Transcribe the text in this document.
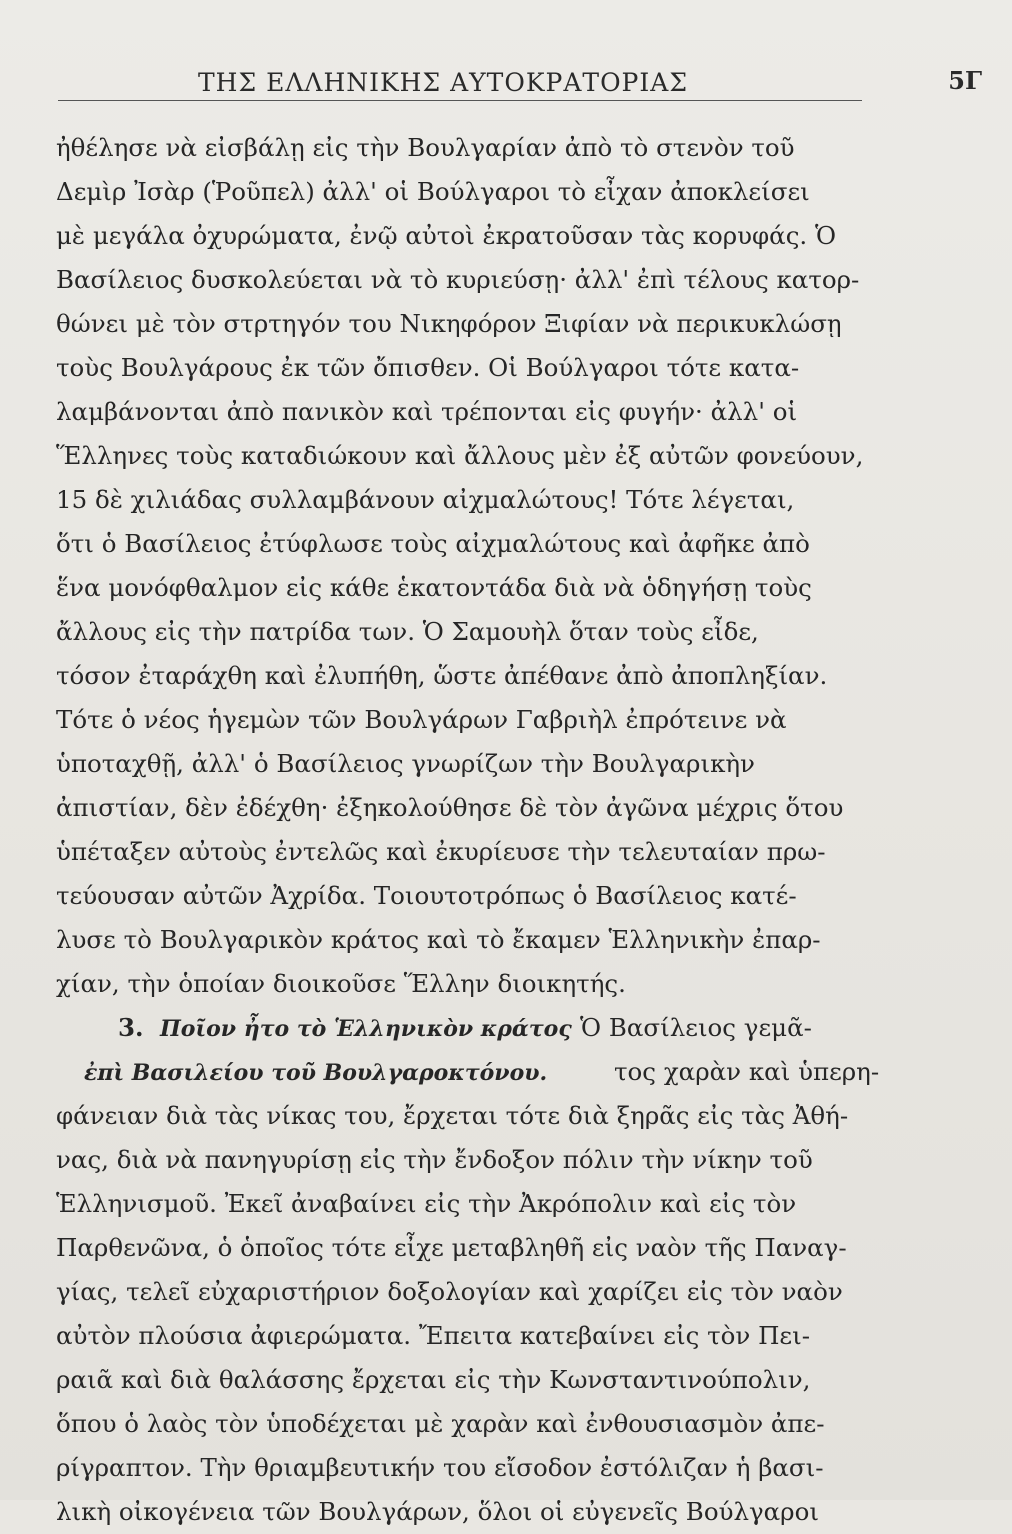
ΤΗΣ ΕΛΛΗΝΙΚΗΣ ΑΥΤΟΚΡΑΤΟΡΙΑΣ	5Γ
ἠθέλησε νὰ εἰσβάλῃ εἰς τὴν Βουλγαρίαν ἀπὸ τὸ στενὸν τοῦ
Δεμὶρ Ἰσὰρ (Ῥοῦπελ) ἀλλ' οἱ Βούλγαροι τὸ εἶχαν ἀποκλείσει
μὲ μεγάλα ὀχυρώματα, ἐνῷ αὐτοὶ ἐκρατοῦσαν τὰς κορυφάς. Ὁ
Βασίλειος δυσκολεύεται νὰ τὸ κυριεύσῃ· ἀλλ' ἐπὶ τέλους κατορ-
θώνει μὲ τὸν στρτηγόν του Νικηφόρον Ξιφίαν νὰ περικυκλώσῃ
τοὺς Βουλγάρους ἐκ τῶν ὄπισθεν. Οἱ Βούλγαροι τότε κατα-
λαμβάνονται ἀπὸ πανικὸν καὶ τρέπονται εἰς φυγήν· ἀλλ' οἱ
Ἕλληνες τοὺς καταδιώκουν καὶ ἄλλους μὲν ἐξ αὐτῶν φονεύουν,
15 δὲ χιλιάδας συλλαμβάνουν αἰχμαλώτους! Τότε λέγεται,
ὅτι ὁ Βασίλειος ἐτύφλωσε τοὺς αἰχμαλώτους καὶ ἀφῆκε ἀπὸ
ἕνα μονόφθαλμον εἰς κάθε ἑκατοντάδα διὰ νὰ ὁδηγήσῃ τοὺς
ἄλλους εἰς τὴν πατρίδα των. Ὁ Σαμουὴλ ὅταν τοὺς εἶδε,
τόσον ἐταράχθη καὶ ἐλυπήθη, ὥστε ἀπέθανε ἀπὸ ἀποπληξίαν.
Τότε ὁ νέος ἡγεμὼν τῶν Βουλγάρων Γαβριὴλ ἐπρότεινε νὰ
ὑποταχθῇ, ἀλλ' ὁ Βασίλειος γνωρίζων τὴν Βουλγαρικὴν
ἀπιστίαν, δὲν ἐδέχθη· ἐξηκολούθησε δὲ τὸν ἀγῶνα μέχρις ὅτου
ὑπέταξεν αὐτοὺς ἐντελῶς καὶ ἐκυρίευσε τὴν τελευταίαν πρω-
τεύουσαν αὐτῶν Ἀχρίδα. Τοιουτοτρόπως ὁ Βασίλειος κατέ-
λυσε τὸ Βουλγαρικὸν κράτος καὶ τὸ ἔκαμεν Ἑλληνικὴν ἐπαρ-
χίαν, τὴν ὁποίαν διοικοῦσε Ἕλλην διοικητής.
3. Ποῖον ἦτο τὸ Ἑλληνικὸν κράτος Ὁ Βασίλειος γεμᾶ-
ἐπὶ Βασιλείου τοῦ Βουλγαροκτόνου.	τος χαρὰν καὶ ὑπερη-
φάνειαν διὰ τὰς νίκας του, ἔρχεται τότε διὰ ξηρᾶς εἰς τὰς Ἀθή-
νας, διὰ νὰ πανηγυρίσῃ εἰς τὴν ἔνδοξον πόλιν τὴν νίκην τοῦ
Ἑλληνισμοῦ. Ἐκεῖ ἀναβαίνει εἰς τὴν Ἀκρόπολιν καὶ εἰς τὸν
Παρθενῶνα, ὁ ὁποῖος τότε εἶχε μεταβληθῆ εἰς ναὸν τῆς Παναγ-
γίας, τελεῖ εὐχαριστήριον δοξολογίαν καὶ χαρίζει εἰς τὸν ναὸν
αὐτὸν πλούσια ἀφιερώματα. Ἔπειτα κατεβαίνει εἰς τὸν Πει-
ραιᾶ καὶ διὰ θαλάσσης ἔρχεται εἰς τὴν Κωνσταντινούπολιν,
ὅπου ὁ λαὸς τὸν ὑποδέχεται μὲ χαρὰν καὶ ἐνθουσιασμὸν ἀπε-
ρίγραπτον. Τὴν θριαμβευτικήν του εἴσοδον ἐστόλιζαν ἡ βασι-
λικὴ οἰκογένεια τῶν Βουλγάρων, ὅλοι οἱ εὐγενεῖς Βούλγαροι
